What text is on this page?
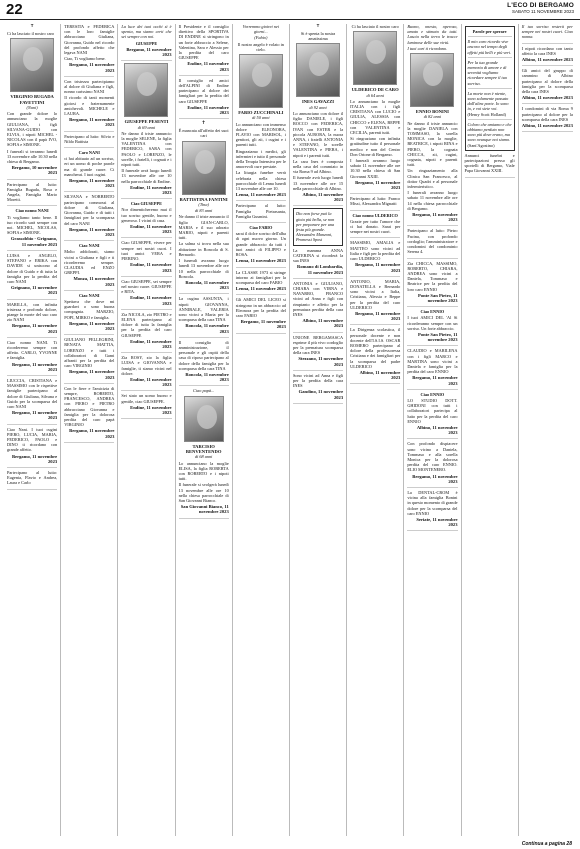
22	L'ECO DI BERGAMO
SABATO 11 NOVEMBRE 2023

✝

Ci ha lasciato il nostro caro

VIRGINIO BUGADA FAVETTINI
(Nani)

Con grande dolore lo annunciano la moglie GIULIANA, i figli SILVANA-GUIDO con ELVIA, i nipoti MICHEL - NICOLAS con il papà IVO, SOFIA e SIMONE.

I funerali si terranno lunedì 13 novembre alle 10.30 nella chiesa di Bergamo.

Bergamo, 10 novembre 2023

Partecipano al lutto: Famiglia Bugada, Rosa e Angela, Famiglia Mario Moretti.

Ciao nonno NANI

Ti vogliamo tanto bene. Il tuo ricordo sarà sempre con noi. MICHEL, NICOLAS, SOFIA e SIMONE.

Grassobbio - Grignano, 11 novembre 2023

LUISA e ANGELO, STEFANO e ERIKA con DAVIDE si uniscono al dolore di Guido e di tutta la famiglia per la perdita del caro NANI

Grignano, 11 novembre 2023

MARILLA, con infinita tristezza e profondo dolore, piange la morte del suo caro zio NANI

Bergamo, 11 novembre 2023

Ciao nonno NANI. Ti ricorderemo sempre con affetto. CARLO, YVONNE e famiglia.

Bergamo, 11 novembre 2023

LIUCCIA, CRISTIANA e MASSIMO con le rispettive famiglie partecipano al dolore di Giuliana, Silvana e Guido per la scomparsa del caro NANI

Bergamo, 11 novembre 2023

Ciao Nani. I tuoi cugini PIERO, LUCIA, MARIA, FEDERICO, PAOLO e DINO ti ricordano con grande affetto.

Bergamo, 11 novembre 2023

Partecipano al lutto: Eugenia, Flavio e Andrea, Laura e Carlo

TERESITA e FEDERICA con le loro famiglie abbracciano Giuliana, Giovanna, Guido nel ricordo del profondo affetto che legava NANI

Ciao, Ti vogliamo bene.

Bergamo, 11 novembre 2023

Con tristezza partecipiamo al dolore di Giuliana e figli, nonno carissimo NANI

Il ricordo di tanti momenti gioiosi e fraternamente amichevoli. MICHELE e LAURA.

Bergamo, 11 novembre 2023

Partecipano al lutto: Silvio e Nildo Battista

Caro NANI

ci hai abituato ad un sorriso, eri un uomo di poche parole ma di grande cuore. Ci mancherai. I tuoi cugini.

Bergamo, 11 novembre 2023

SILVANA e NORBERTO partecipano commossi al dolore di Giuliana, Giovanna, Guido e di tutti i famigliari per la scomparsa del caro NANI

Bergamo, 11 novembre 2023

Ciao NANI

Molto addolorati, siamo vicini a Giuliana e figli e ti ricorderemo sempre. CLAUDIA ed ENZO GREPPI.

Monza, 11 novembre 2023

Ciao NANI

Spettava che dove mi guardavi o sono buona compagnia. MARZIO, POPI, MIRKO e famiglia.

Bergamo, 11 novembre 2023

GIULIANO PELLEGRINI, RENATA MATTIA, LORENZO e tutti i collaboratori di Gami affranti per la perdita del caro VIRGINIO

Bergamo, 11 novembre 2023

Con le fiere e l'amicizia di sempre, ROBERTO, FRANCESCO, ANDREA con PIERO e PIETRO abbracciano Giovanna e famiglia per la dolorosa perdita del caro papà VIRGINIO

Bergamo, 11 novembre 2023

La luce dei tuoi occhi sì è spenta, ma siamo certi che sei sempre con noi.

GIUSEPPE

Bergamo, 11 novembre 2023

GIUSEPPE PESENTI
di 69 anni

Ne danno il triste annuncio la moglie SELENE, la figlia VALENTINA con FEDERICO, SARA con PAOLO e LORENZO, le sorelle, i fratelli, i cognati e i nipoti tutti.

Il funerale avrà luogo lunedì 13 novembre alle ore 10 nella parrocchiale di Endine.

Endine, 11 novembre 2023

Ciao GIUSEPPE

Nor dimenticheremo mai il tuo sorriso gentile, buono e generoso. I vicini di casa.

Endine, 11 novembre 2023

Ciao GIUSEPPE, vivere per sempre nei nostri cuori. I tuoi amici VERA e PIERINO.

Endine, 11 novembre 2023

Ciao GIUSEPPE, sei sempre nel nostro cuore. GIUSEPPE e RITA.

Endine, 11 novembre 2023

Zia NICOLA, zio PIETRO e ELENA partecipano al dolore di tutta la famiglia per la perdita del caro GIUSEPPE

Endine, 11 novembre 2023

Zia ROSY, zio la figlia LUISA e GIOVANNA e famiglie, ti siamo vicini nel dolore.

Endine, 11 novembre 2023

Sei stato un uomo buono e gentile, ciao GIUSEPPE.

Endine, 11 novembre 2023

Il Presidente e il consiglio direttivo della SPORTIVA DI ENDINE si stringono in un forte abbraccio a Selene, Valentina, Sara e Alessio per la perdita del caro GIUSEPPE

Endine, 11 novembre 2023

Il consiglio ed amici dell'ALPINI di Endine partecipano al dolore dei famigliari per la perdita del caro GIUSEPPE

Endine, 11 novembre 2023

✝

È mancata all'affetto dei suoi cari

BATTISTINA FANTINI
(Tina)
di 83 anni

Ne danno il triste annuncio il figlio GIAN-CARLO, MARIA e il suo adorato MARIO, nipoti e parenti tutti.

La salma si trova nella sua abitazione in Roncola di S. Bernardo.

I funerali avranno luogo lunedì 13 novembre alle ore 10 nella parrocchiale di Roncola.

Roncola, 11 novembre 2023

La cugina ASSUNTA, i nipoti GIOVANNA, ANNIBALE, VALERIA sono vicini a Maria per la scomparsa della cara TINA

Roncola, 11 novembre 2023

Il consiglio di amministrazione, il personale e gli ospiti della casa di riposo partecipano al dolore della famiglia per la scomparsa della cara TINA

Roncola, 11 novembre 2023

Ciao papà...

TARCISIO BENVENTENDO
di 68 anni

Lo annunciano la moglie ELISA, la figlia ROBERTA con ROBERTO e i nipoti tutti.

Il funerale si svolgerà lunedì 13 novembre alle ore 10 nella chiesa parrocchiale di San Giovanni Bianco.

San Giovanni Bianco, 11 novembre 2023

Vorremmo gioirei nei giorni...

(Fabio)

Il nostro angelo è volato in cielo.

FABIO ZUCCHINALI
di 50 anni

Lo annunciano con immenso dolore ELEONORA, FLAVIO con MARISOL, i genitori, gli zii, i cugini e i parenti tutti.

Ringraziamo i medici, gli infermieri e tutto il personale della Terapia Intensiva per le amorevoli cure prestate.

La liturgia funebre verrà celebrata nella chiesa parrocchiale di Lenna lunedì 13 novembre alle ore 10.

Lenna, 11 novembre 2023

Partecipano al lutto: Famiglia Pietrasanta, Famiglia Gusmini.

Ciao FABIO

sarai il dolce sorriso dell'alba di ogni nuovo giorno. Un grande abbraccio da tutti i tuoi amici di FILIPPO e ROSA.

Lenna, 11 novembre 2023

La CLASSE 1973 si stringe intorno ai famigliari per la scomparsa del caro FABIO

Lenna, 11 novembre 2023

Gli AMICI DEL LICEO si stringono in un abbraccio ad Eleonora per la perdita del caro FABIO

Bergamo, 11 novembre 2023

✝

Si è spenta la nostra amatissima

INES GAVAZZI
di 92 anni

Lo annunciano con dolore il figlio DANIELE, i figli ROCCO con FEDERICA, IVAN con ESTER e la piccola AURORA, la nuora ANNA, i fratelli ANTONIA e STEFANO, le sorelle VALENTINA e PIERA, i nipoti e i parenti tutti.

La cara Ines è composta nella casa del commiato in via Roma 9 ad Albino.

Il funerale avrà luogo lunedì 13 novembre alle ore 15 nella parrocchiale di Albino.

Albino, 11 novembre 2023

Dio non forse può la gioia più bella, se non per preparare per una festa più grande.

Alessandro Manzoni, Promessi Sposi

La mamma ANNA CATERINA si ricorderà la sua INES

Romano di Lombardia, 11 novembre 2023

ANTONIA e GIULIANO, CHIARA con VIRNA e NAVARRO, FRANCO vicini ad Anna e figli con rimpianto e affetto per la prematura perdita della cara INES

Albino, 11 novembre 2023

UNIONE BERGAMASCA esprime il più vivo cordoglio per la prematura scomparsa della cara INES

Stezzano, 11 novembre 2023

Sono vicini ad Anna e figli per la perdita della cara INES

Gandino, 11 novembre 2023

Ci ha lasciato il nostro caro

ULDERICO DE CARO
di 64 anni

Lo annunciano la moglie ITALIA con i figli CRISTIANA con LUCIO e GIULIA, ALESSIA con CHICCO e ELENA, BEPPE con VALENTINA e CECILIA, parenti tutti.

Si ringraziano con infinita gratitudine tutto il personale medico e non del Centro Don Orione di Bergamo.

I funerali avranno luogo sabato 11 novembre alle ore 10.30 nella chiesa di San Giovanni XXIII.

Bergamo, 11 novembre 2023

Partecipano al lutto: Franco Missi, Alessandra Mignatti

Ciao nonno ULDERICO

Grazie per tutto l'amore che ci hai donato. Sarai per sempre nei nostri cuori.

MASSIMO, AMALIA e MATTEO sono vicini ad Italia e figli per la perdita del caro ULDERICO

Bergamo, 11 novembre 2023

ANTONIO, MARIA, DONATELLA e Bernardo sono vicini a Italia, Cristiana, Alessia e Beppe per la perdita del caro ULDERICO

Bergamo, 11 novembre 2023

La Dirigenza scolastica, il personale docente e non docente dell'I.S.I.S. OSCAR ROMERO partecipano al dolore della professoressa Cristiana e dei famigliari per la scomparsa del padre ULDERICO

Albino, 11 novembre 2023

Buono, onesto, operoso, amato e stimato da tutti. Lascia nella terra le tracce luminose delle sue virtù.

I tuoi cari ti ricordano.

ENNIO BONINI
di 82 anni

Ne danno il triste annuncio la moglie DANIELA con TOMMASO, la sorella MONICA con la moglie, BEATRICE, i nipoti RINA e PIERO, la cognata CHICCA, zii, cugini, cognata, nipoti e parenti tutti.

Un ringraziamento alla Clinica San Francesco, al dottor Quadri e al personale infermieristico.

I funerali avranno luogo sabato 11 novembre alle ore 14 nella chiesa parrocchiale di Bergamo.

Bergamo, 11 novembre 2023

Partecipano al lutto: Pietro Facina, con profondo cordoglio; l'amministratore e condomini del condominio Serena 4.

Zia CHICCA, MASSIMO, ROBERTO, CHIARA, ANDREA sono vicini a Daniela, Tommaso e Beatrice per la perdita del loro caro ENNIO

Ponte San Pietro, 11 novembre 2023

Ciao ENNIO

I tuoi AMICI DEL 'Al Sì ricorderanno sempre con un sorriso. Un forte abbraccio.

Ponte San Pietro, 11 novembre 2023

CLAUDIO e MARILENA con i figli MARCO e MARTINA sono vicini a Daniela e famiglia per la perdita del caro ENNIO

Bergamo, 11 novembre 2023

Ciao ENNIO

LO STUDIO DOTT. GHIDONI con tutti i collaboratori partecipa al lutto per la perdita del caro ENNIO

Albino, 11 novembre 2023

Con profondo dispiacere sono vicino a Daniela, Tommaso e alla sorella Monica per la dolorosa perdita del caro ENNIO. ELIO MONTENERO.

Bergamo, 11 novembre 2023

La DENTAL-CROM è vicina alla famiglia Bonini in questo momento di grande dolore per la scomparsa del caro ENNIO

Seriate, 11 novembre 2023

Parole per sperare

Il mio caro ricordo vive ancora nel tempo degli affetti più belli e più veri.

Per la tua grande memoria di amore e di serenità vogliamo ricordare sempre il tuo sorriso.

La morte non è niente, sono solamente passato dall'altra parte. Io sono io, e voi siete voi.

(Henry Scott Holland)

Coloro che amiamo e che abbiamo perduto non sono più dove erano, ma sono ovunque noi siamo.

(Sant'Agostino)

Annunci funebri e partecipazioni presso gli sportelli di Bergamo, Viale Papa Giovanni XXIII.

Il tuo sorriso resterà per sempre nei nostri cuori. Ciao nonna.

I nipoti ricordano con tanto affetto la cara INES

Albino, 11 novembre 2023

Gli amici del gruppo di cammino di Albino partecipano al dolore della famiglia per la scomparsa della cara INES

Albino, 11 novembre 2023

I condomini di via Roma 9 partecipano al dolore per la scomparsa della cara INES

Albino, 11 novembre 2023

Continua a pagina 28
